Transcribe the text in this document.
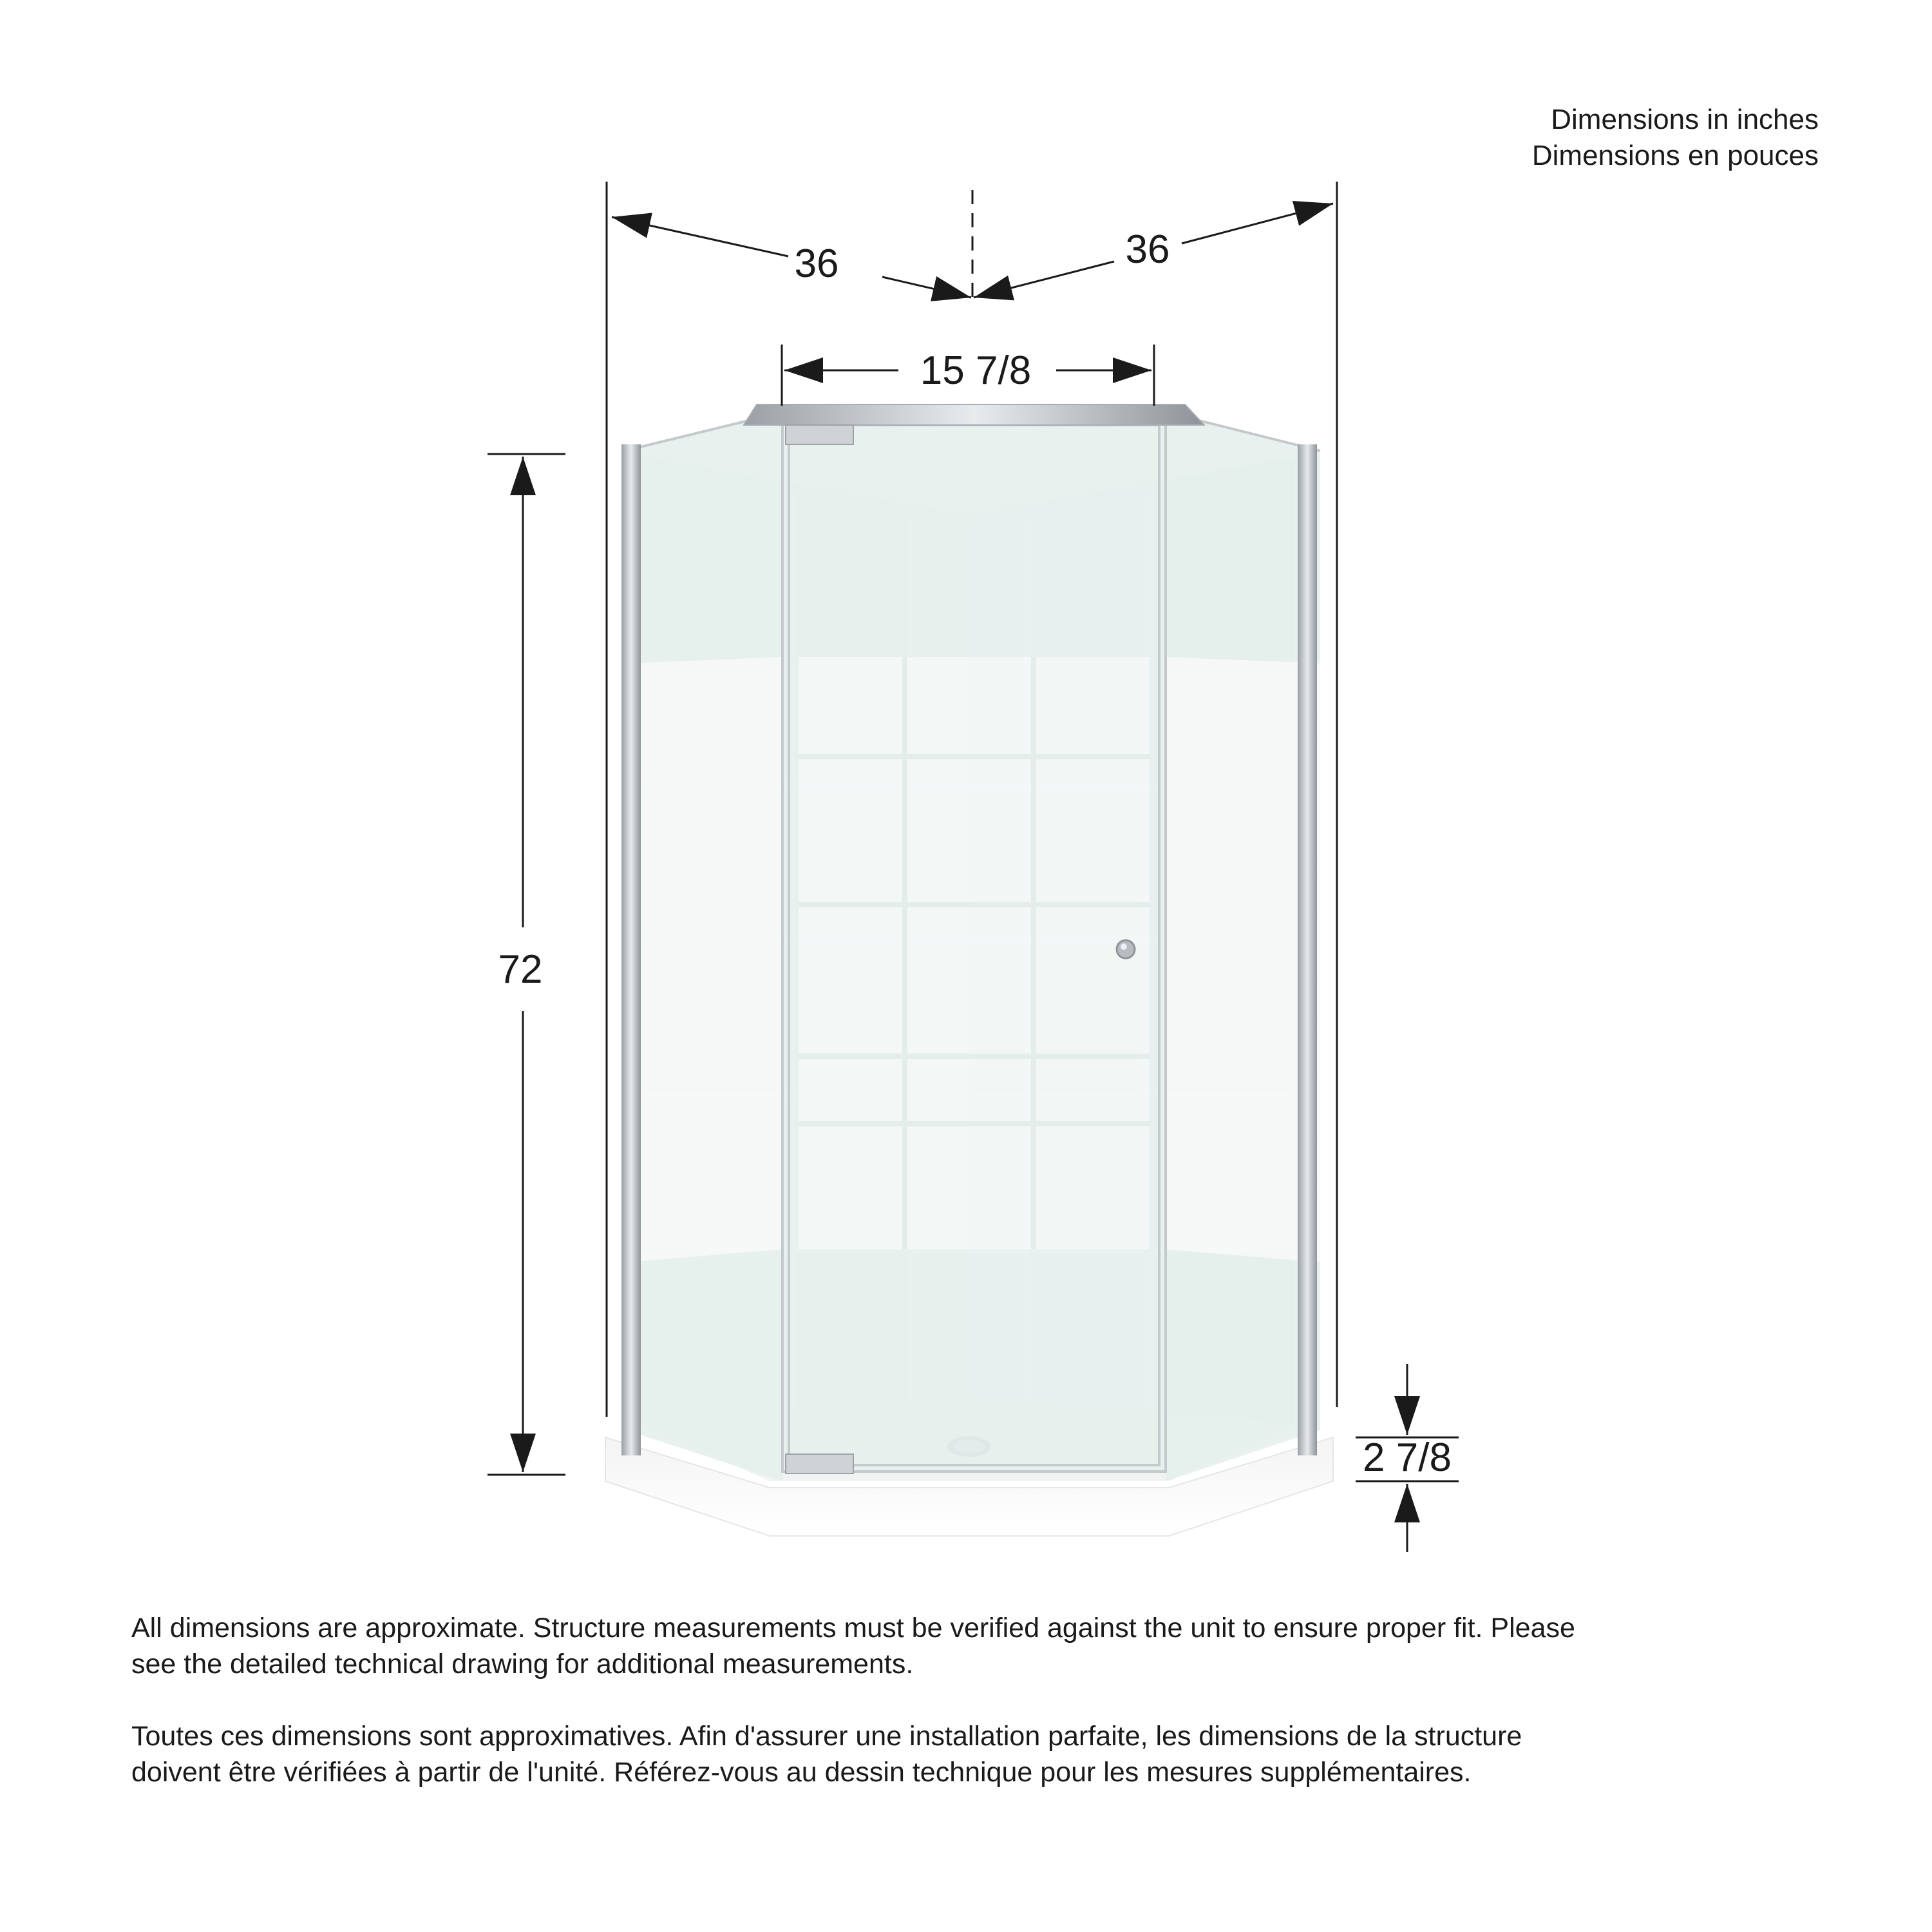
36	36
15 7/8
72
2 7/8
Dimensions in inches
Dimensions en pouces

All dimensions are approximate. Structure measurements must be verified against the unit to ensure proper fit. Please see the detailed technical drawing for additional measurements.

Toutes ces dimensions sont approximatives. Afin d'assurer une installation parfaite, les dimensions de la structure doivent être vérifiées à partir de l'unité. Référez-vous au dessin technique pour les mesures supplémentaires.
